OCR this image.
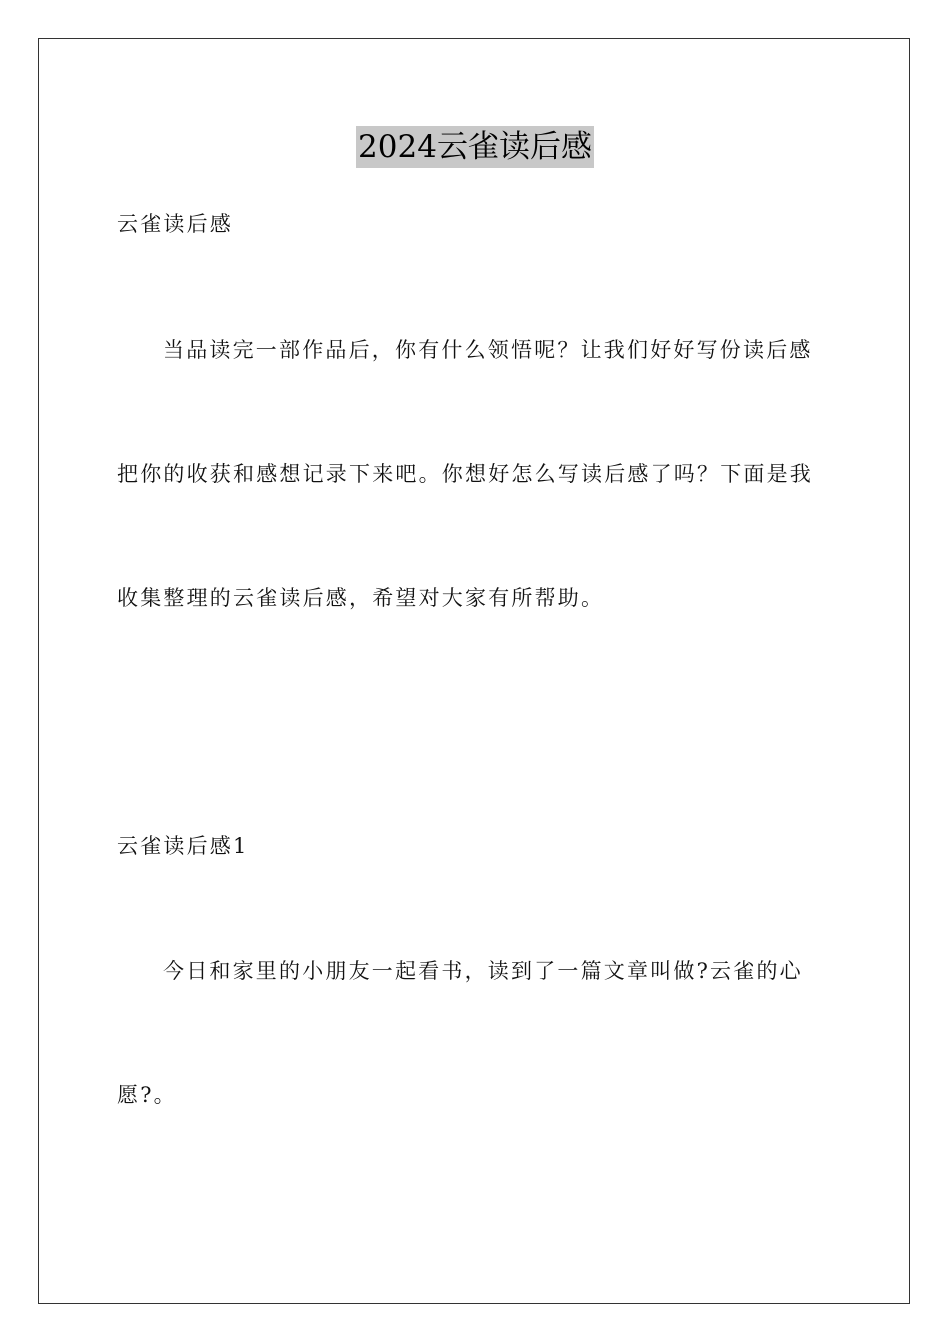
2024云雀读后感
云雀读后感
当品读完一部作品后，你有什么领悟呢？让我们好好写份读后感
把你的收获和感想记录下来吧。你想好怎么写读后感了吗？下面是我
收集整理的云雀读后感，希望对大家有所帮助。
云雀读后感1
今日和家里的小朋友一起看书，读到了一篇文章叫做?云雀的心
愿?。
